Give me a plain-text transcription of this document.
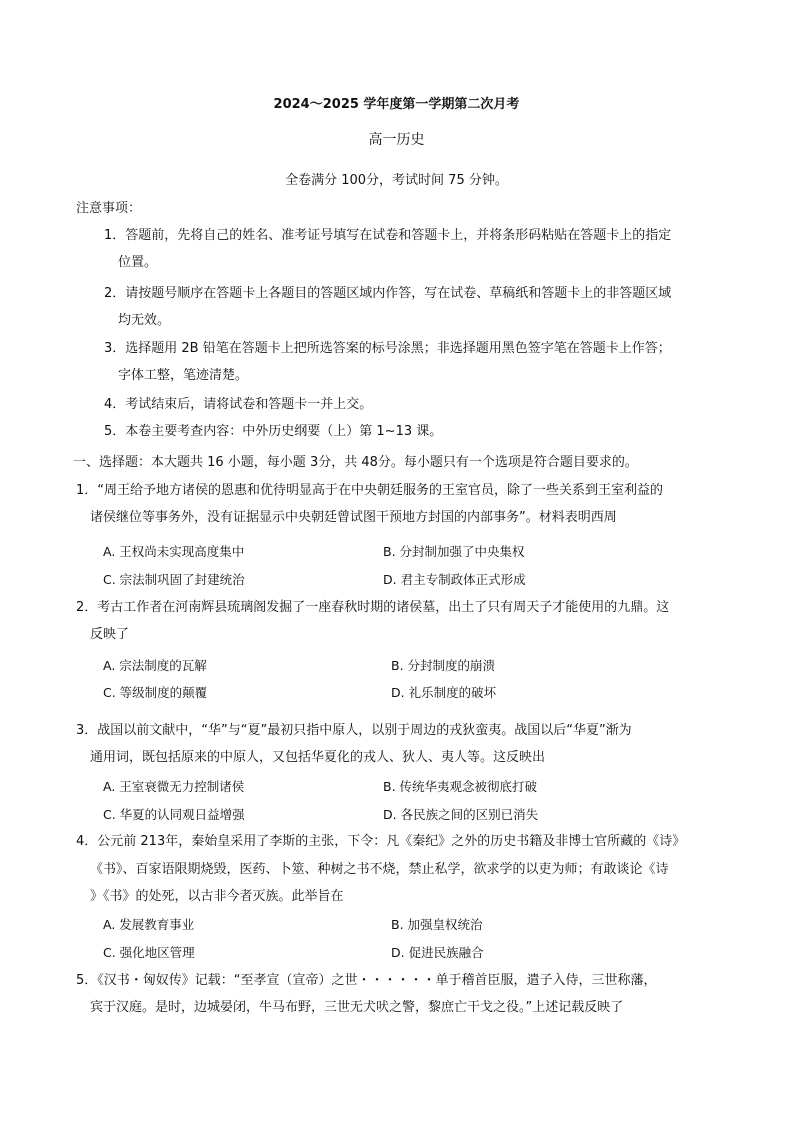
2024～2025 学年度第一学期第二次月考
高一历史
全卷满分 100分，考试时间 75 分钟。
注意事项：
1．答题前，先将自己的姓名、准考证号填写在试卷和答题卡上，并将条形码粘贴在答题卡上的指定
位置。
2．请按题号顺序在答题卡上各题目的答题区域内作答，写在试卷、草稿纸和答题卡上的非答题区域
均无效。
3．选择题用 2B 铅笔在答题卡上把所选答案的标号涂黑；非选择题用黑色签字笔在答题卡上作答；
字体工整，笔迹清楚。
4．考试结束后，请将试卷和答题卡一并上交。
5．本卷主要考查内容：中外历史纲要（上）第 1~13 课。
一、选择题：本大题共 16 小题，每小题 3分，共 48分。每小题只有一个选项是符合题目要求的。
1．“周王给予地方诸侯的恩惠和优待明显高于在中央朝廷服务的王室官员，除了一些关系到王室利益的
诸侯继位等事务外，没有证据显示中央朝廷曾试图干预地方封国的内部事务”。材料表明西周
A. 王权尚未实现高度集中	B. 分封制加强了中央集权
C. 宗法制巩固了封建统治	D. 君主专制政体正式形成
2．考古工作者在河南辉县琉璃阁发掘了一座春秋时期的诸侯墓，出土了只有周天子才能使用的九鼎。这
反映了
A. 宗法制度的瓦解	B. 分封制度的崩溃
C. 等级制度的颠覆	D. 礼乐制度的破坏
3．战国以前文献中，“华”与“夏”最初只指中原人，以别于周边的戎狄蛮夷。战国以后“华夏”渐为
通用词，既包括原来的中原人，又包括华夏化的戎人、狄人、夷人等。这反映出
A. 王室衰微无力控制诸侯	B. 传统华夷观念被彻底打破
C. 华夏的认同观日益增强	D. 各民族之间的区别已消失
4．公元前 213年，秦始皇采用了李斯的主张，下令：凡《秦纪》之外的历史书籍及非博士官所藏的《诗》
《书》、百家语限期烧毁，医药、卜筮、种树之书不烧，禁止私学，欲求学的以吏为师；有敢谈论《诗
》《书》的处死，以古非今者灭族。此举旨在
A. 发展教育事业	B. 加强皇权统治
C. 强化地区管理	D. 促进民族融合
5．《汉书・匈奴传》记载：“至孝宣（宣帝）之世・・・・・・单于稽首臣服，遣子入侍，三世称藩，
宾于汉庭。是时，边城晏闭，牛马布野，三世无犬吠之警，黎庶亡干戈之役。”上述记载反映了
